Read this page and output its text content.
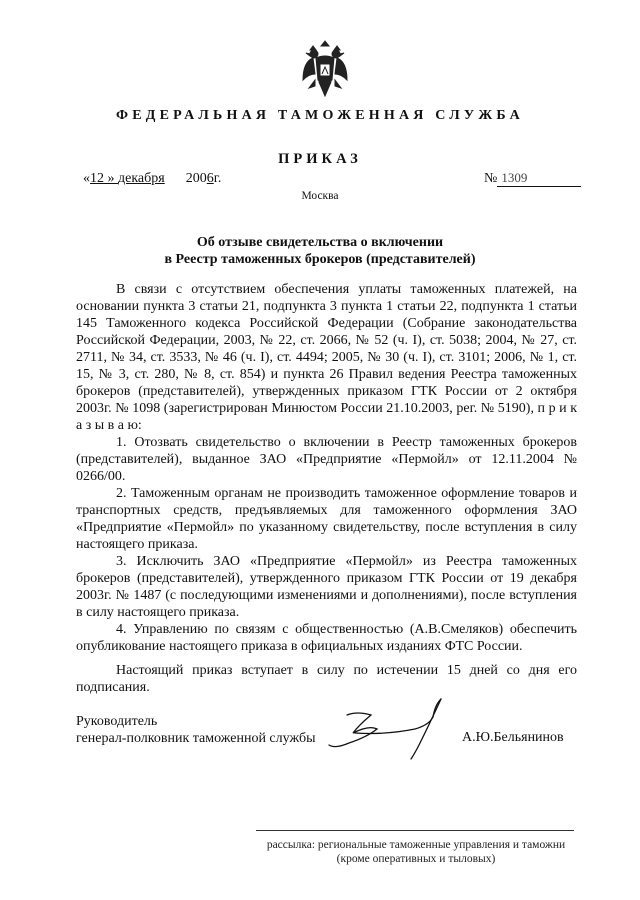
ФЕДЕРАЛЬНАЯ ТАМОЖЕННАЯ СЛУЖБА
ПРИКАЗ
«12 » декабря 2006г.	№ 1309
Москва
Об отзыве свидетельства о включении
в Реестр таможенных брокеров (представителей)

В связи с отсутствием обеспечения уплаты таможенных платежей, на основании пункта 3 статьи 21, подпункта 3 пункта 1 статьи 22, подпункта 1 статьи 145 Таможенного кодекса Российской Федерации (Собрание законодательства Российской Федерации, 2003, № 22, ст. 2066, № 52 (ч. I), ст. 5038; 2004, № 27, ст. 2711, № 34, ст. 3533, № 46 (ч. I), ст. 4494; 2005, № 30 (ч. I), ст. 3101; 2006, № 1, ст. 15, № 3, ст. 280, № 8, ст. 854) и пункта 26 Правил ведения Реестра таможенных брокеров (представителей), утвержденных приказом ГТК России от 2 октября 2003г. № 1098 (зарегистрирован Минюстом России 21.10.2003, рег. № 5190), п р и к а з ы в а ю:

1. Отозвать свидетельство о включении в Реестр таможенных брокеров (представителей), выданное ЗАО «Предприятие «Пермойл» от 12.11.2004 № 0266/00.

2. Таможенным органам не производить таможенное оформление товаров и транспортных средств, предъявляемых для таможенного оформления ЗАО «Предприятие «Пермойл» по указанному свидетельству, после вступления в силу настоящего приказа.

3. Исключить ЗАО «Предприятие «Пермойл» из Реестра таможенных брокеров (представителей), утвержденного приказом ГТК России от 19 декабря 2003г. № 1487 (с последующими изменениями и дополнениями), после вступления в силу настоящего приказа.

4. Управлению по связям с общественностью (А.В.Смеляков) обеспечить опубликование настоящего приказа в официальных изданиях ФТС России.

Настоящий приказ вступает в силу по истечении 15 дней со дня его подписания.

Руководитель
генерал-полковник таможенной службы	А.Ю.Бельянинов
рассылка: региональные таможенные управления и таможни
(кроме оперативных и тыловых)
